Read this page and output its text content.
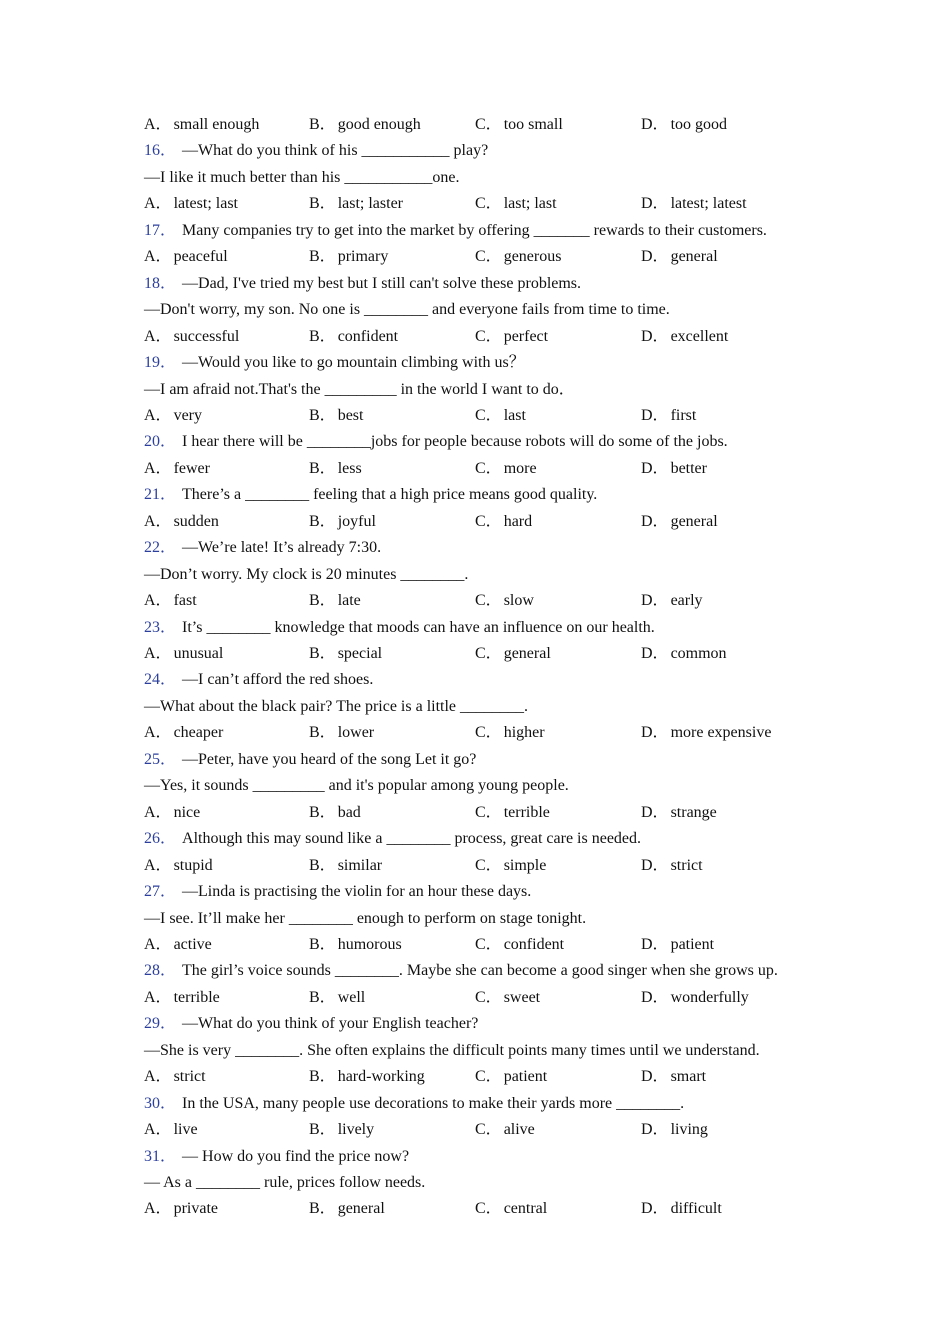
A． small enough	B． good enough	C． too small	D． too good
16． —What do you think of his ___________ play?
—I like it much better than his ___________one.
A． latest; last	B． last; laster	C． last; last	D． latest; latest
17． Many companies try to get into the market by offering _______ rewards to their customers.
A． peaceful	B． primary	C． generous	D． general
18． —Dad, I've tried my best but I still can't solve these problems.
—Don't worry, my son. No one is ________ and everyone fails from time to time.
A． successful	B． confident	C． perfect	D． excellent
19． —Would you like to go mountain climbing with us？
—I am afraid not.That's the _________ in the world I want to do．
A． very	B． best	C． last	D． first
20． I hear there will be ________jobs for people because robots will do some of the jobs.
A． fewer	B． less	C． more	D． better
21． There’s a ________ feeling that a high price means good quality.
A． sudden	B． joyful	C． hard	D． general
22． —We’re late! It’s already 7:30.
—Don’t worry. My clock is 20 minutes ________.
A． fast	B． late	C． slow	D． early
23． It’s ________ knowledge that moods can have an influence on our health.
A． unusual	B． special	C． general	D． common
24． —I can’t afford the red shoes.
—What about the black pair? The price is a little ________.
A． cheaper	B． lower	C． higher	D． more expensive
25． —Peter, have you heard of the song Let it go?
—Yes, it sounds _________ and it's popular among young people.
A． nice	B． bad	C． terrible	D． strange
26． Although this may sound like a ________ process, great care is needed.
A． stupid	B． similar	C． simple	D． strict
27． —Linda is practising the violin for an hour these days.
—I see. It’ll make her ________ enough to perform on stage tonight.
A． active	B． humorous	C． confident	D． patient
28． The girl’s voice sounds ________. Maybe she can become a good singer when she grows up.
A． terrible	B． well	C． sweet	D． wonderfully
29． —What do you think of your English teacher?
—She is very ________. She often explains the difficult points many times until we understand.
A． strict	B． hard-working	C． patient	D． smart
30． In the USA, many people use decorations to make their yards more ________.
A． live	B． lively	C． alive	D． living
31． — How do you find the price now?
— As a ________ rule, prices follow needs.
A． private	B． general	C． central	D． difficult
